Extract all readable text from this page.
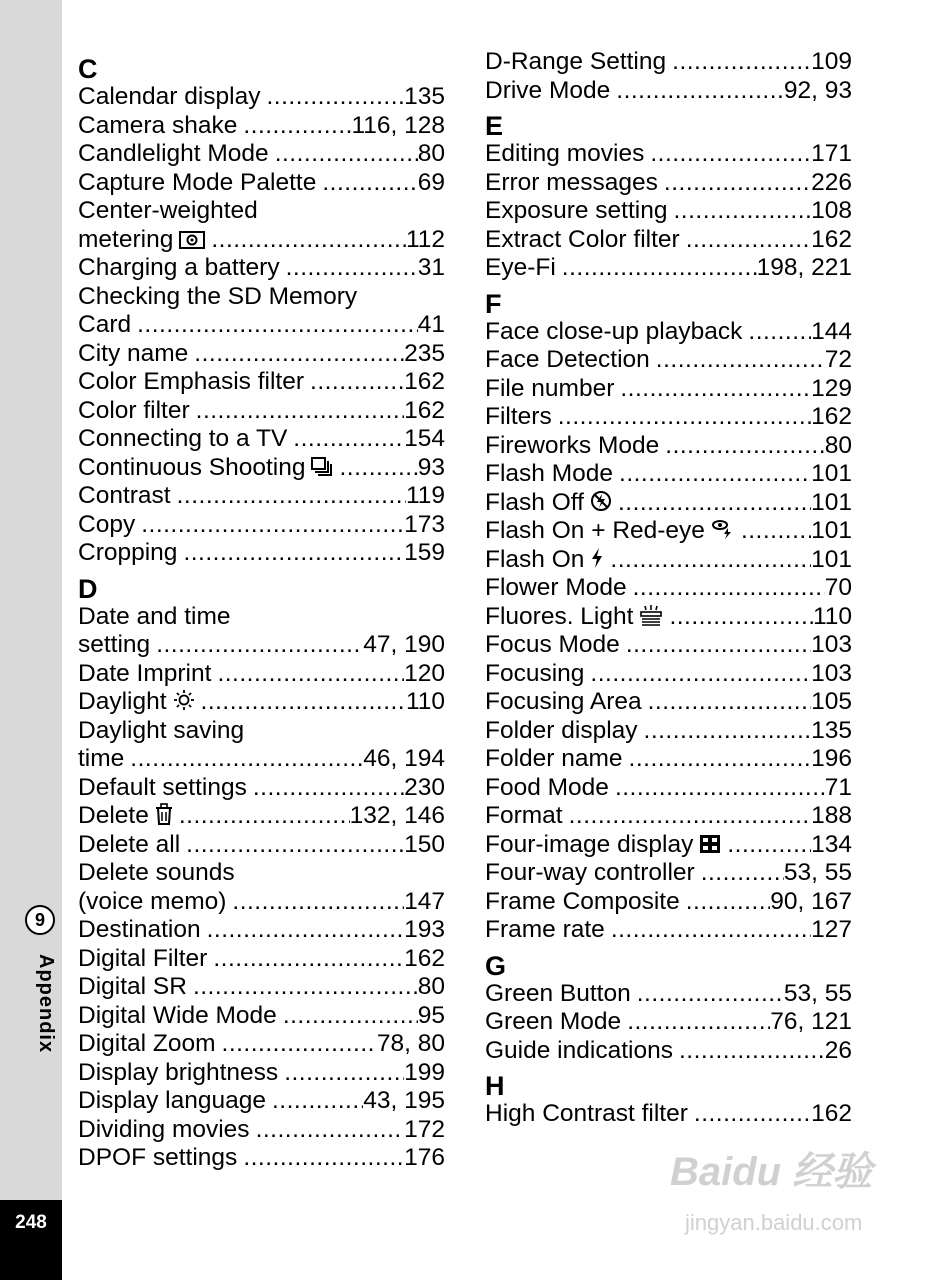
9
Appendix
248
C
Calendar display .....	135
Camera shake .....	116, 128
Candlelight Mode .....	80
Capture Mode Palette .....	69
Center-weighted
metering .....	112
Charging a battery .....	31
Checking the SD Memory
Card .....	41
City name .....	235
Color Emphasis filter .....	162
Color filter .....	162
Connecting to a TV .....	154
Continuous Shooting .....	93
Contrast .....	119
Copy .....	173
Cropping .....	159
D
Date and time
setting .....	47, 190
Date Imprint .....	120
Daylight .....	110
Daylight saving
time .....	46, 194
Default settings .....	230
Delete .....	132, 146
Delete all .....	150
Delete sounds
(voice memo) .....	147
Destination .....	193
Digital Filter .....	162
Digital SR .....	80
Digital Wide Mode .....	95
Digital Zoom .....	78, 80
Display brightness .....	199
Display language .....	43, 195
Dividing movies .....	172
DPOF settings .....	176
D-Range Setting .....	109
Drive Mode .....	92, 93
E
Editing movies .....	171
Error messages .....	226
Exposure setting .....	108
Extract Color filter .....	162
Eye-Fi .....	198, 221
F
Face close-up playback .....	144
Face Detection .....	72
File number .....	129
Filters .....	162
Fireworks Mode .....	80
Flash Mode .....	101
Flash Off .....	101
Flash On + Red-eye .....	101
Flash On .....	101
Flower Mode .....	70
Fluores. Light .....	110
Focus Mode .....	103
Focusing .....	103
Focusing Area .....	105
Folder display .....	135
Folder name .....	196
Food Mode .....	71
Format .....	188
Four-image display .....	134
Four-way controller .....	53, 55
Frame Composite .....	90, 167
Frame rate .....	127
G
Green Button .....	53, 55
Green Mode .....	76, 121
Guide indications .....	26
H
High Contrast filter .....	162
Baidu 经验
jingyan.baidu.com
